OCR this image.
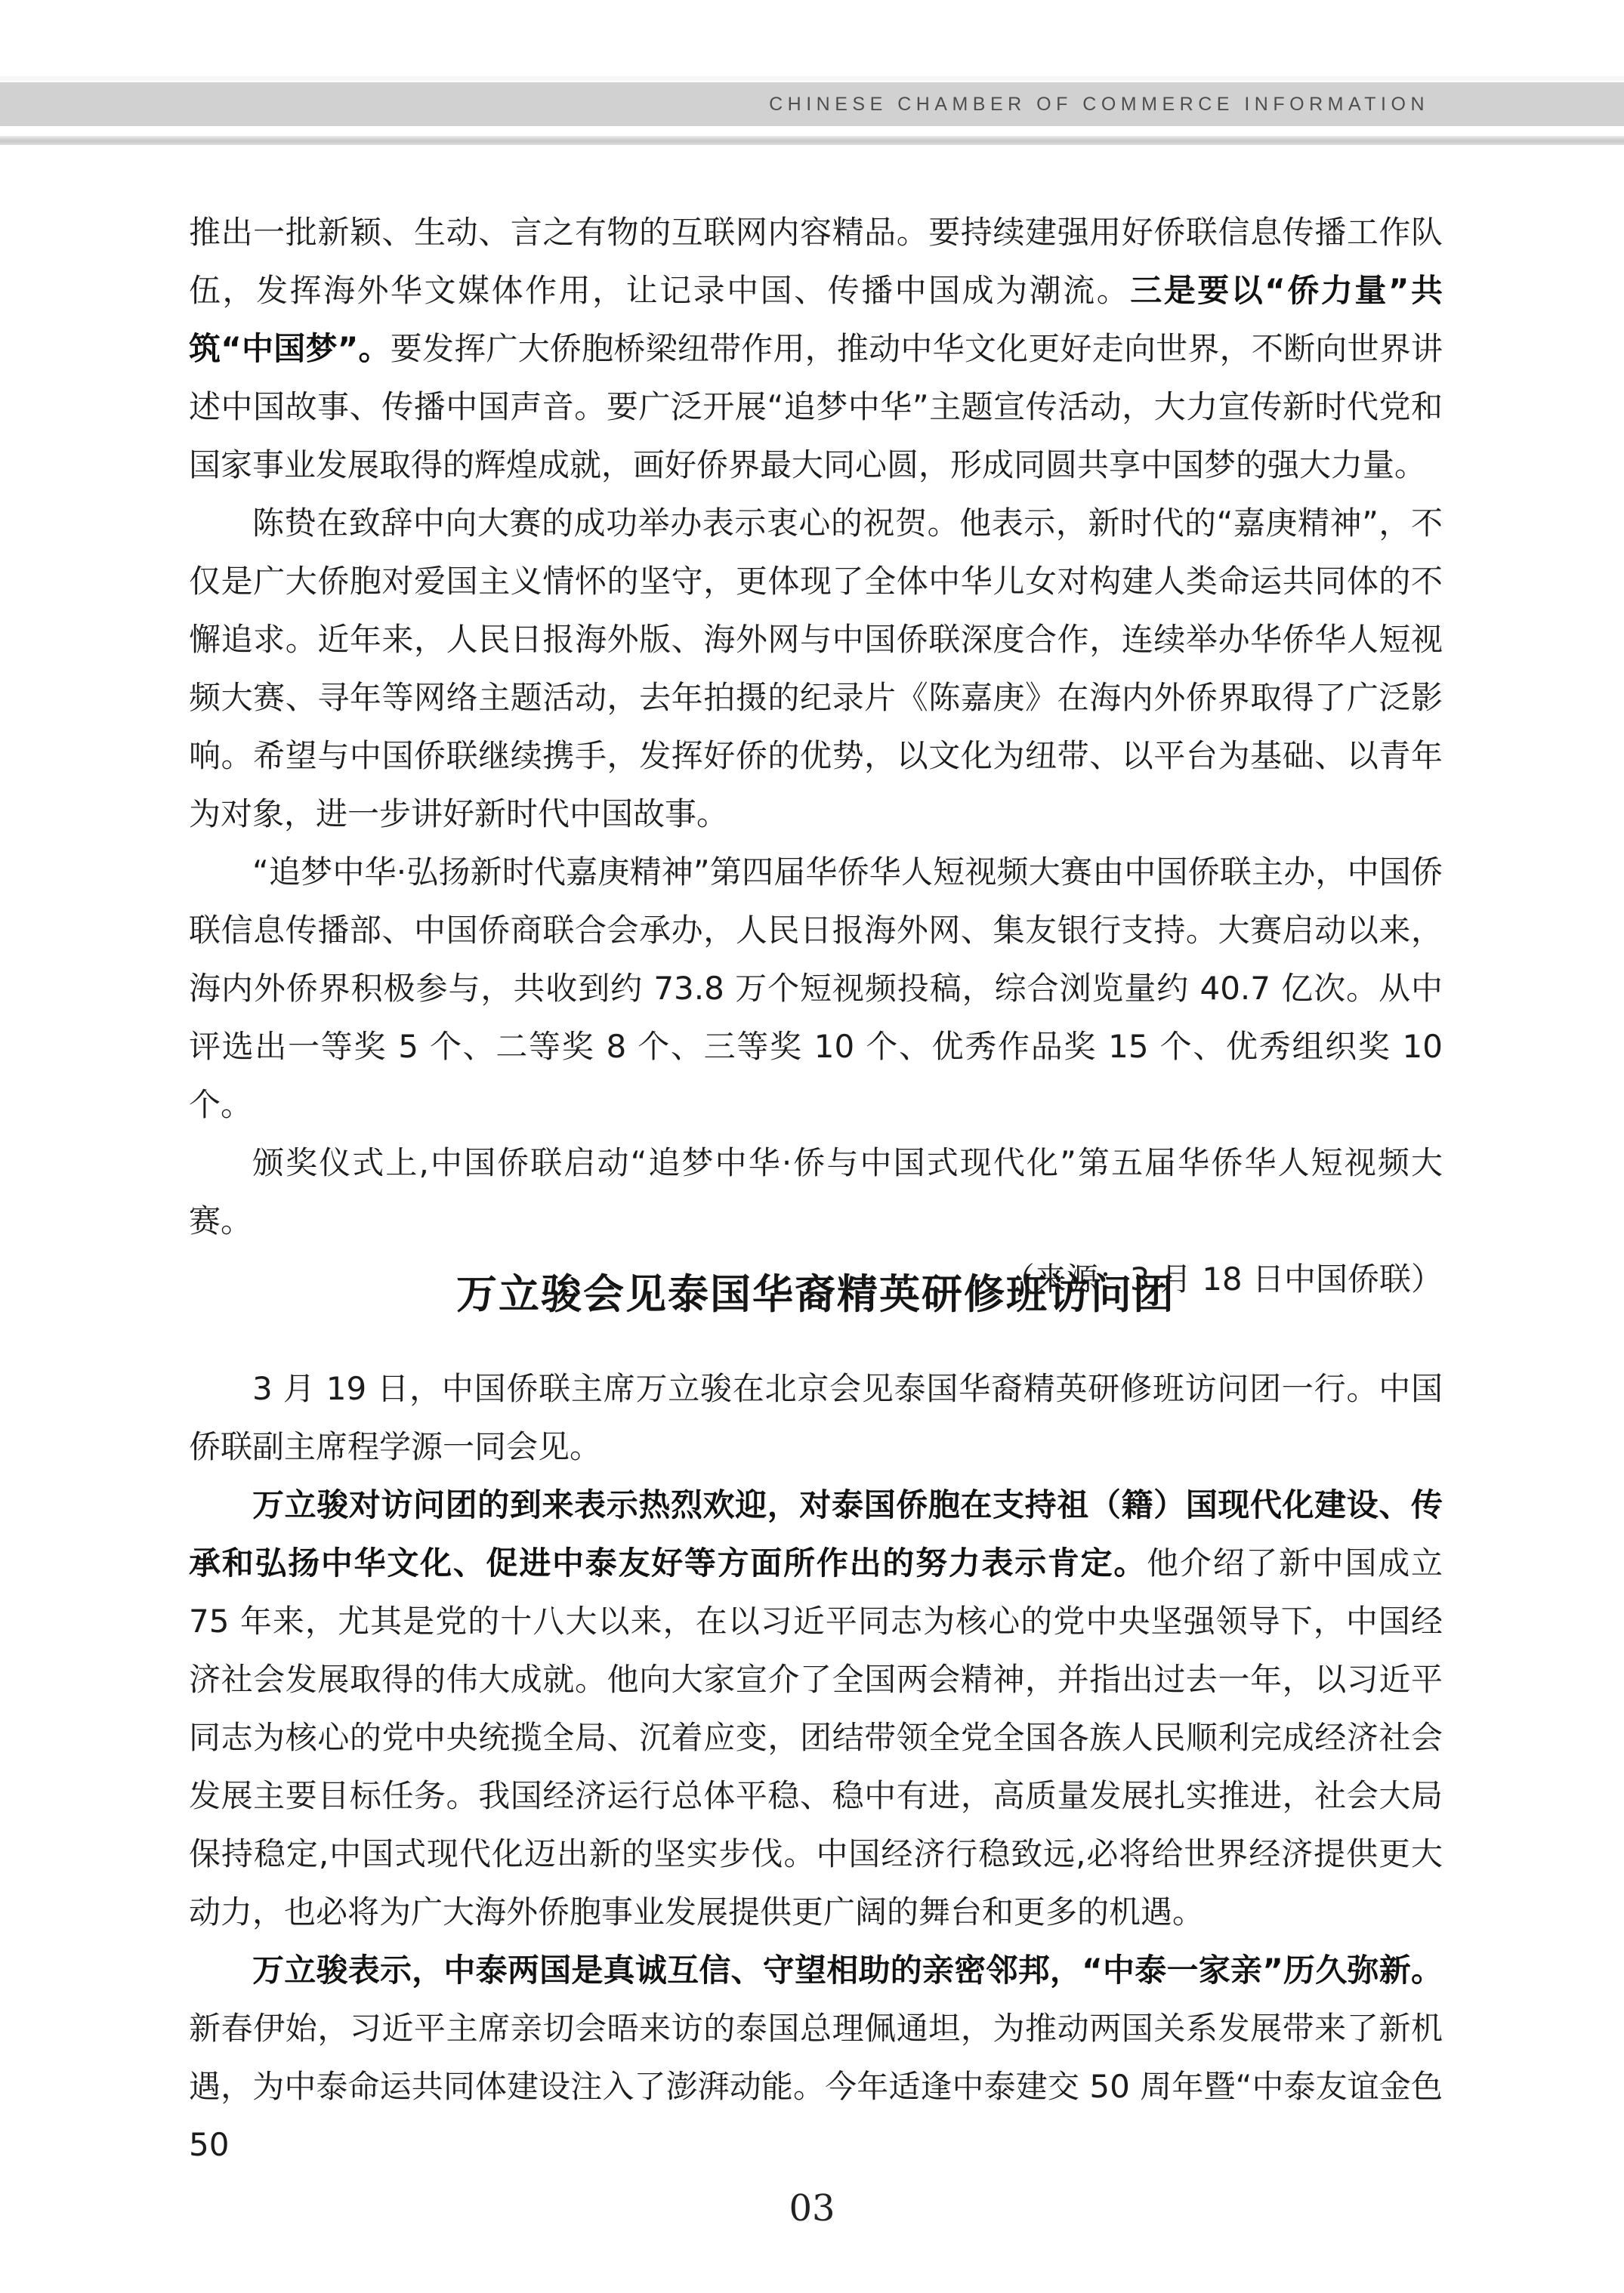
CHINESE CHAMBER OF COMMERCE INFORMATION

推出一批新颖、生动、言之有物的互联网内容精品。要持续建强用好侨联信息传播工作队伍，发挥海外华文媒体作用，让记录中国、传播中国成为潮流。三是要以“侨力量”共筑“中国梦”。要发挥广大侨胞桥梁纽带作用，推动中华文化更好走向世界，不断向世界讲述中国故事、传播中国声音。要广泛开展“追梦中华”主题宣传活动，大力宣传新时代党和国家事业发展取得的辉煌成就，画好侨界最大同心圆，形成同圆共享中国梦的强大力量。

陈贽在致辞中向大赛的成功举办表示衷心的祝贺。他表示，新时代的“嘉庚精神”，不仅是广大侨胞对爱国主义情怀的坚守，更体现了全体中华儿女对构建人类命运共同体的不懈追求。近年来，人民日报海外版、海外网与中国侨联深度合作，连续举办华侨华人短视频大赛、寻年等网络主题活动，去年拍摄的纪录片《陈嘉庚》在海内外侨界取得了广泛影响。希望与中国侨联继续携手，发挥好侨的优势，以文化为纽带、以平台为基础、以青年为对象，进一步讲好新时代中国故事。

“追梦中华·弘扬新时代嘉庚精神”第四届华侨华人短视频大赛由中国侨联主办，中国侨联信息传播部、中国侨商联合会承办，人民日报海外网、集友银行支持。大赛启动以来，海内外侨界积极参与，共收到约 73.8 万个短视频投稿，综合浏览量约 40.7 亿次。从中评选出一等奖 5 个、二等奖 8 个、三等奖 10 个、优秀作品奖 15 个、优秀组织奖 10 个。

颁奖仪式上,中国侨联启动“追梦中华·侨与中国式现代化”第五届华侨华人短视频大赛。

（来源：3 月 18 日中国侨联）

万立骏会见泰国华裔精英研修班访问团

3 月 19 日，中国侨联主席万立骏在北京会见泰国华裔精英研修班访问团一行。中国侨联副主席程学源一同会见。

万立骏对访问团的到来表示热烈欢迎，对泰国侨胞在支持祖（籍）国现代化建设、传承和弘扬中华文化、促进中泰友好等方面所作出的努力表示肯定。他介绍了新中国成立 75 年来，尤其是党的十八大以来，在以习近平同志为核心的党中央坚强领导下，中国经济社会发展取得的伟大成就。他向大家宣介了全国两会精神，并指出过去一年，以习近平同志为核心的党中央统揽全局、沉着应变，团结带领全党全国各族人民顺利完成经济社会发展主要目标任务。我国经济运行总体平稳、稳中有进，高质量发展扎实推进，社会大局保持稳定,中国式现代化迈出新的坚实步伐。中国经济行稳致远,必将给世界经济提供更大动力，也必将为广大海外侨胞事业发展提供更广阔的舞台和更多的机遇。

万立骏表示，中泰两国是真诚互信、守望相助的亲密邻邦，“中泰一家亲”历久弥新。新春伊始，习近平主席亲切会晤来访的泰国总理佩通坦，为推动两国关系发展带来了新机遇，为中泰命运共同体建设注入了澎湃动能。今年适逢中泰建交 50 周年暨“中泰友谊金色 50

03
